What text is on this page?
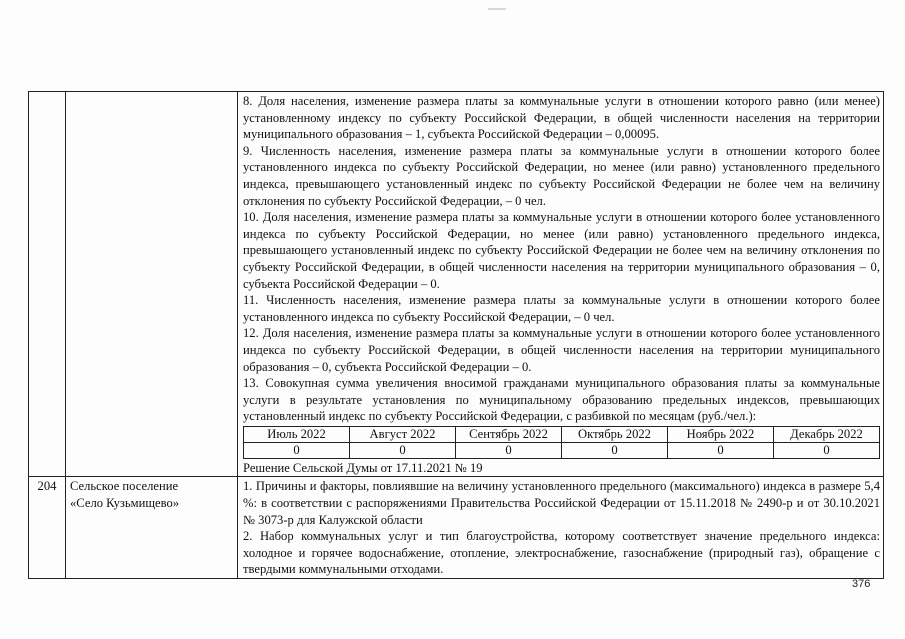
8. Доля населения, изменение размера платы за коммунальные услуги в отношении которого равно (или менее) установленному индексу по субъекту Российской Федерации, в общей численности населения на территории муниципального образования – 1, субъекта Российской Федерации – 0,00095.

9. Численность населения, изменение размера платы за коммунальные услуги в отношении которого более установленного индекса по субъекту Российской Федерации, но менее (или равно) установленного предельного индекса, превышающего установленный индекс по субъекту Российской Федерации не более чем на величину отклонения по субъекту Российской Федерации, – 0 чел.

10. Доля населения, изменение размера платы за коммунальные услуги в отношении которого более установленного индекса по субъекту Российской Федерации, но менее (или равно) установленного предельного индекса, превышающего установленный индекс по субъекту Российской Федерации не более чем на величину отклонения по субъекту Российской Федерации, в общей численности населения на территории муниципального образования – 0, субъекта Российской Федерации – 0.

11. Численность населения, изменение размера платы за коммунальные услуги в отношении которого более установленного индекса по субъекту Российской Федерации, – 0 чел.

12. Доля населения, изменение размера платы за коммунальные услуги в отношении которого более установленного индекса по субъекту Российской Федерации, в общей численности населения на территории муниципального образования – 0, субъекта Российской Федерации – 0.

13. Совокупная сумма увеличения вносимой гражданами муниципального образования платы за коммунальные услуги в результате установления по муниципальному образованию предельных индексов, превышающих установленный индекс по субъекту Российской Федерации, с разбивкой по месяцам (руб./чел.):

Июль 2022	Август 2022	Сентябрь 2022	Октябрь 2022	Ноябрь 2022	Декабрь 2022
0	0	0	0	0	0

Решение Сельской Думы от 17.11.2021 № 19

204	Сельское поселение
«Село Кузьмищево»

1. Причины и факторы, повлиявшие на величину установленного предельного (максимального) индекса в размере 5,4 %: в соответствии с распоряжениями Правительства Российской Федерации от 15.11.2018 № 2490-р и от 30.10.2021 № 3073-р для Калужской области

2. Набор коммунальных услуг и тип благоустройства, которому соответствует значение предельного индекса: холодное и горячее водоснабжение, отопление, электроснабжение, газоснабжение (природный газ), обращение с твердыми коммунальными отходами.

376
